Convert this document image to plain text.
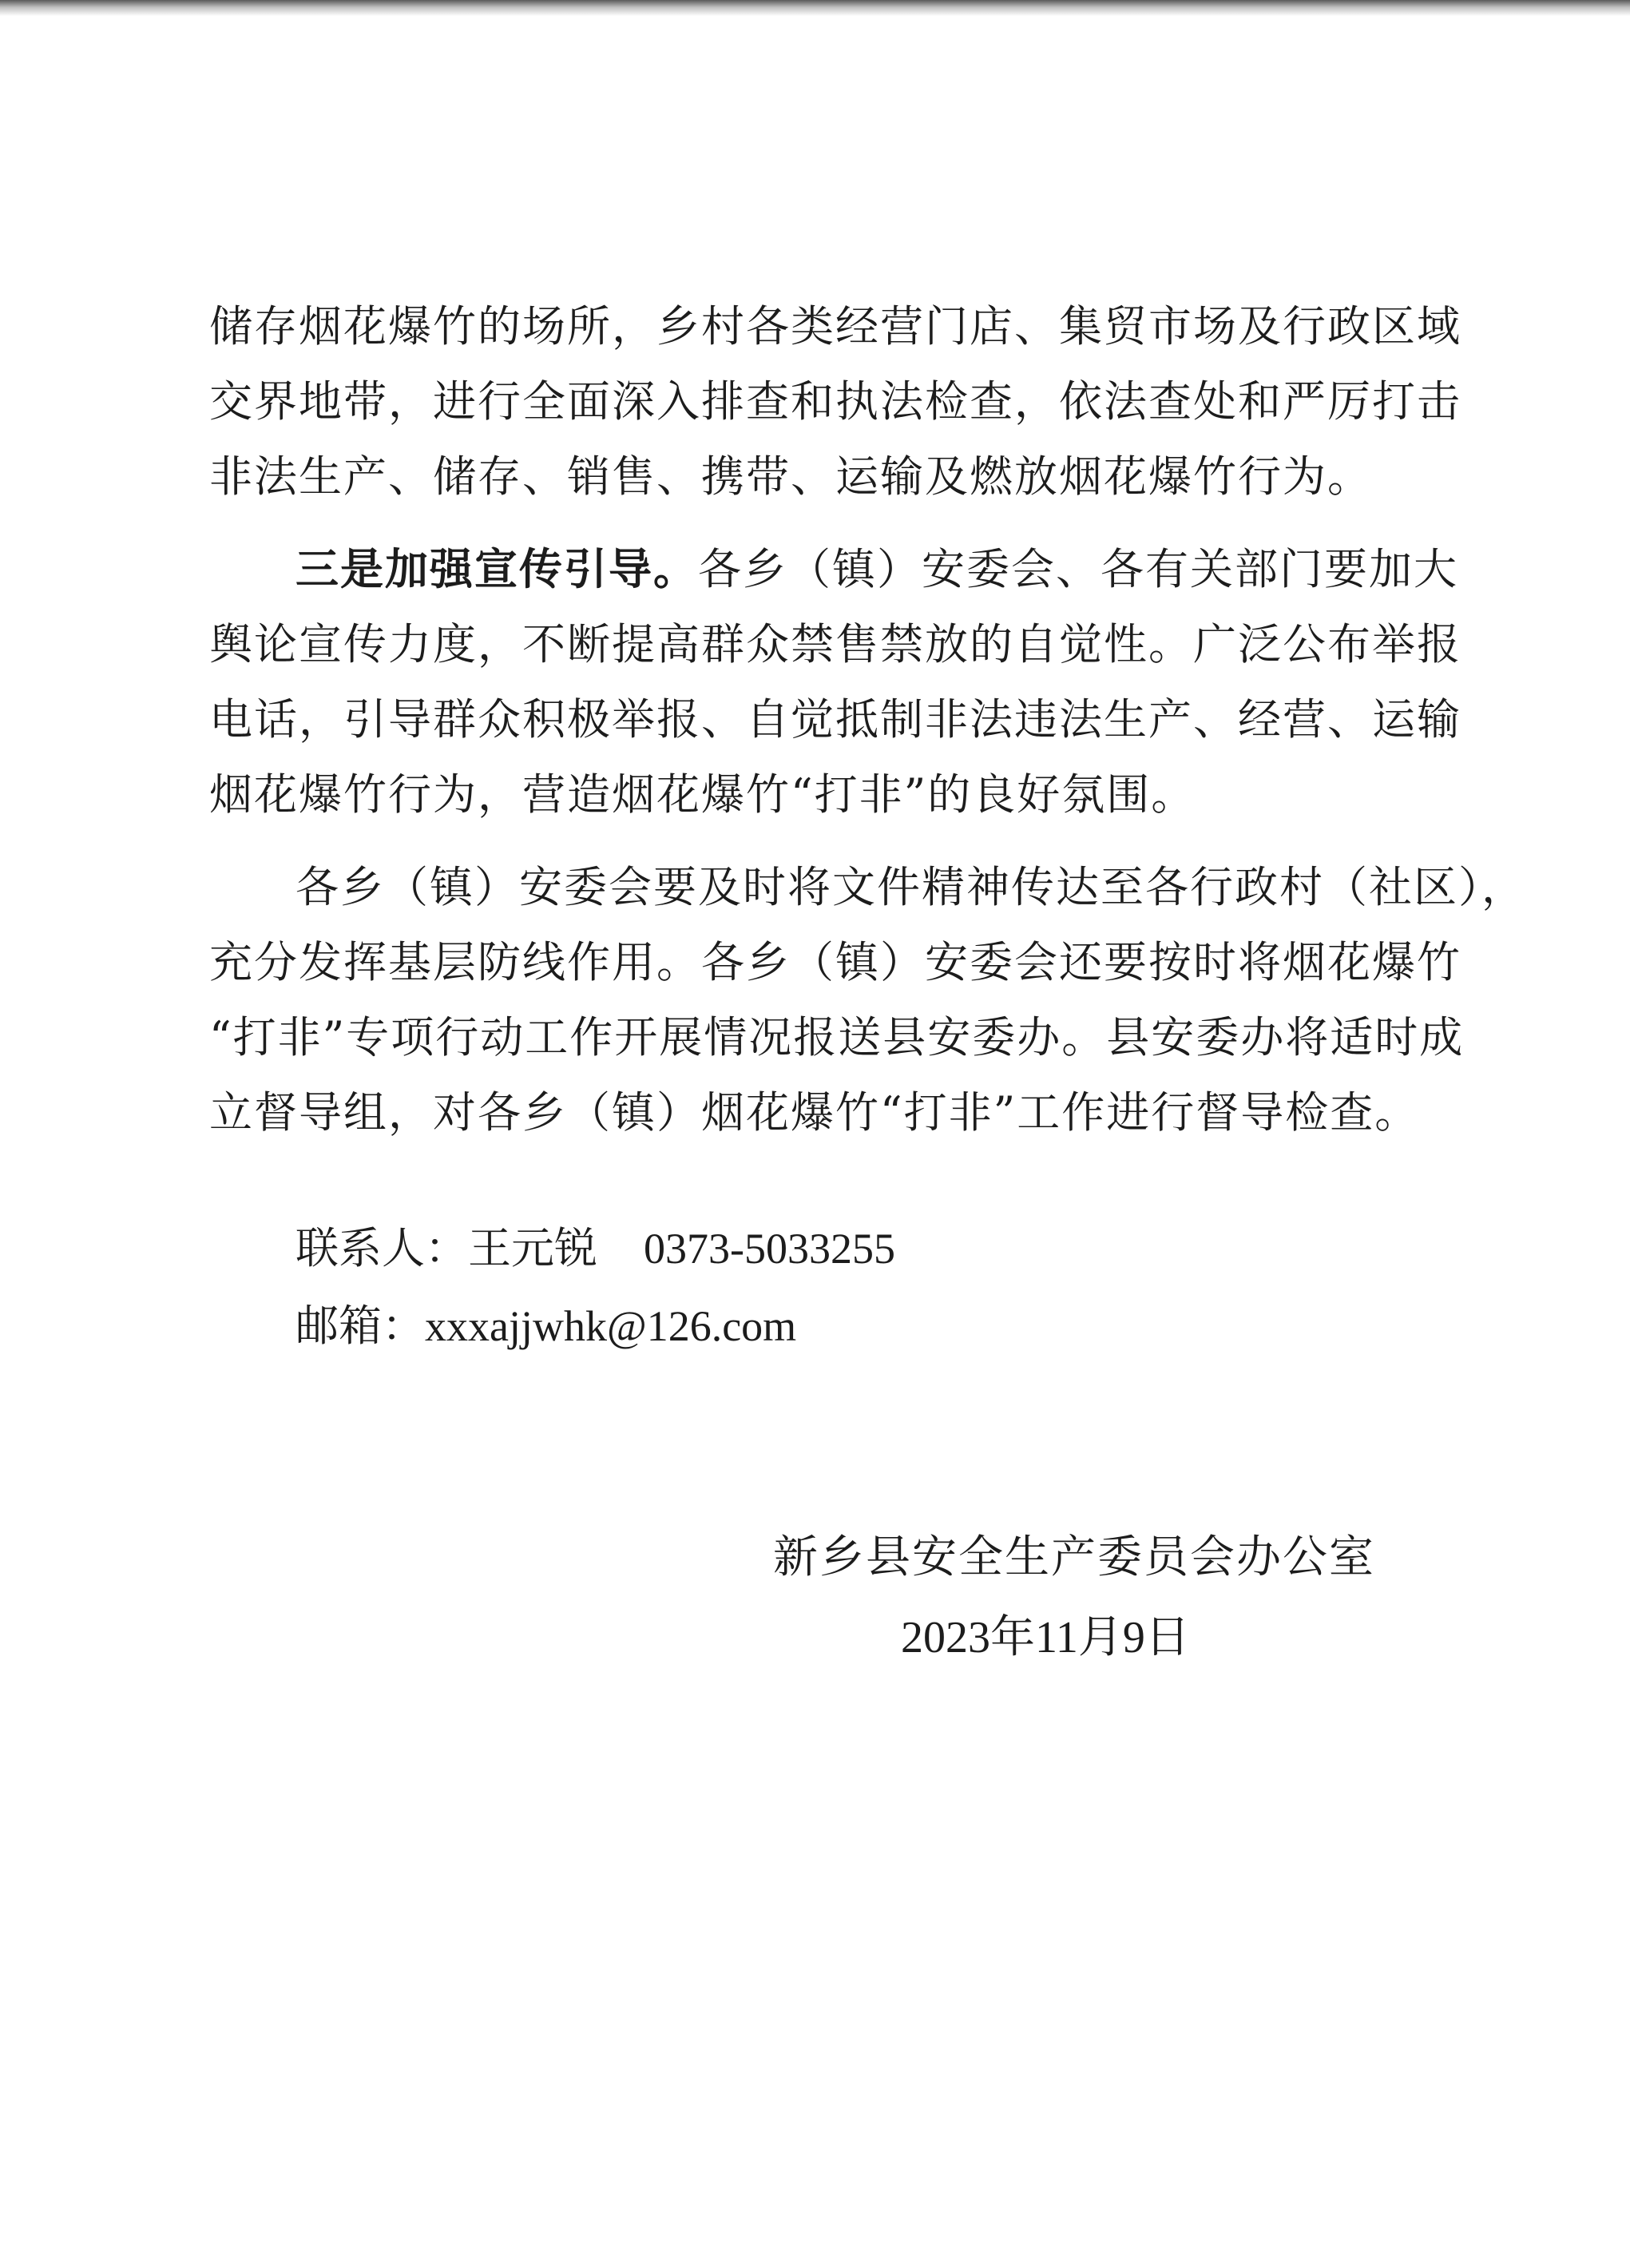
储存烟花爆竹的场所，乡村各类经营门店、集贸市场及行政区域
交界地带，进行全面深入排查和执法检查，依法查处和严厉打击
非法生产、储存、销售、携带、运输及燃放烟花爆竹行为。

三是加强宣传引导。各乡（镇）安委会、各有关部门要加大
舆论宣传力度，不断提高群众禁售禁放的自觉性。广泛公布举报
电话，引导群众积极举报、自觉抵制非法违法生产、经营、运输
烟花爆竹行为，营造烟花爆竹“打非”的良好氛围。

各乡（镇）安委会要及时将文件精神传达至各行政村（社区），
充分发挥基层防线作用。各乡（镇）安委会还要按时将烟花爆竹
“打非”专项行动工作开展情况报送县安委办。县安委办将适时成
立督导组，对各乡（镇）烟花爆竹“打非”工作进行督导检查。

联系人：王元锐 0373-5033255
邮箱：xxxajjwhk@126.com
新乡县安全生产委员会办公室
2023年11月9日
